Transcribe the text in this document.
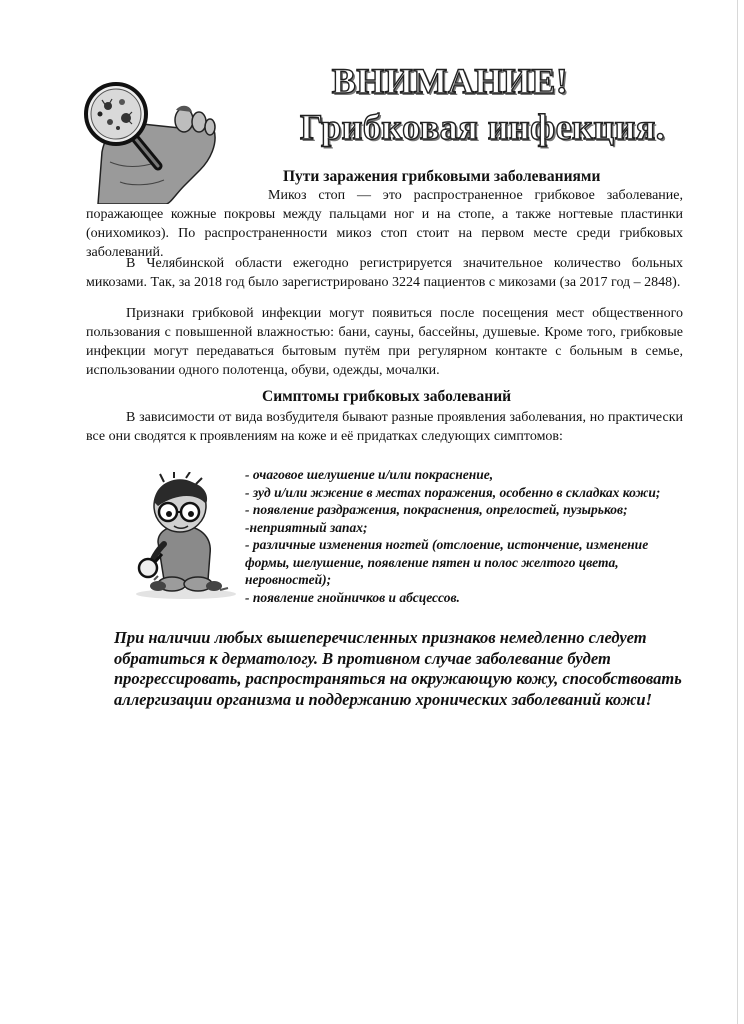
ВНИМАНИЕ!
Грибковая инфекция.
Пути заражения грибковыми заболеваниями
Микоз стоп — это распространенное грибковое заболевание, поражающее кожные покровы между пальцами ног и на стопе, а также ногтевые пластинки (онихомикоз). По распространенности микоз стоп стоит на первом месте среди грибковых заболеваний.
В Челябинской области ежегодно регистрируется значительное количество больных микозами. Так, за 2018 год было зарегистрировано 3224 пациентов с микозами (за 2017 год – 2848).
Признаки грибковой инфекции могут появиться после посещения мест общественного пользования с повышенной влажностью: бани, сауны, бассейны, душевые. Кроме того, грибковые инфекции могут передаваться бытовым путём при регулярном контакте с больным в семье, использовании одного полотенца, обуви, одежды, мочалки.
Симптомы грибковых заболеваний
В зависимости от вида возбудителя бывают разные проявления заболевания, но практически все они сводятся к проявлениям на коже и её придатках следующих симптомов:
- очаговое шелушение и/или покраснение,
- зуд и/или жжение в местах поражения, особенно в складках кожи;
- появление раздражения, покраснения, опрелостей, пузырьков;
-неприятный запах;
- различные изменения ногтей (отслоение, истончение, изменение формы, шелушение, появление пятен и полос желтого цвета, неровностей);
- появление гнойничков и абсцессов.
При наличии любых вышеперечисленных признаков немедленно следует обратиться к дерматологу. В противном случае заболевание будет прогрессировать, распространяться на окружающую кожу, способствовать аллергизации организма и поддержанию хронических заболеваний кожи!
